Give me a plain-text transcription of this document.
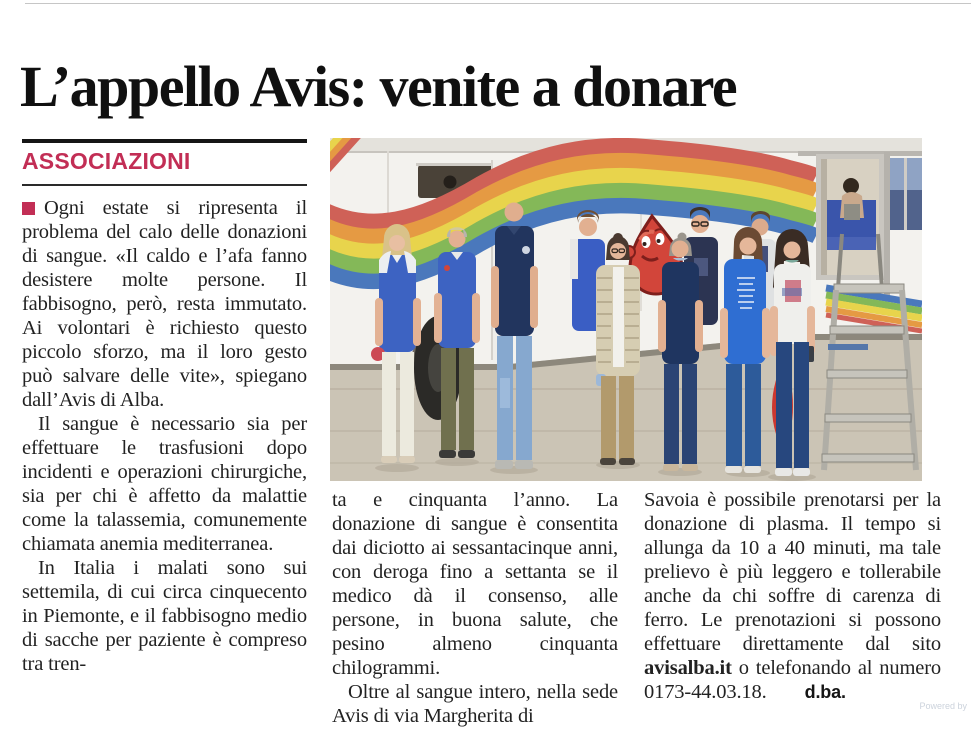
L’appello Avis: venite a donare
ASSOCIAZIONI

Ogni estate si ripresenta il problema del calo delle donazioni di sangue. «Il caldo e l’afa fanno desistere molte persone. Il fabbisogno, però, resta immutato. Ai volontari è richiesto questo piccolo sforzo, ma il loro gesto può salvare delle vite», spiegano dall’Avis di Alba.

Il sangue è necessario sia per effettuare le trasfusioni dopo incidenti e operazioni chirurgiche, sia per chi è affetto da malattie come la talassemia, comunemente chiamata anemia mediterranea.

In Italia i malati sono sui settemila, di cui circa cinquecento in Piemonte, e il fabbisogno medio di sacche per paziente è compreso tra tren-

ta e cinquanta l’anno. La donazione di sangue è consentita dai diciotto ai sessantacinque anni, con deroga fino a settanta se il medico dà il consenso, alle persone, in buona salute, che pesino almeno cinquanta chilogrammi.

Oltre al sangue intero, nella sede Avis di via Margherita di

Savoia è possibile prenotarsi per la donazione di plasma. Il tempo si allunga da 10 a 40 minuti, ma tale prelievo è più leggero e tollerabile anche da chi soffre di carenza di ferro. Le prenotazioni si possono effettuare direttamente dal sito avisalba.it o telefonando al numero 0173-44.03.18. d.ba.

Powered by
